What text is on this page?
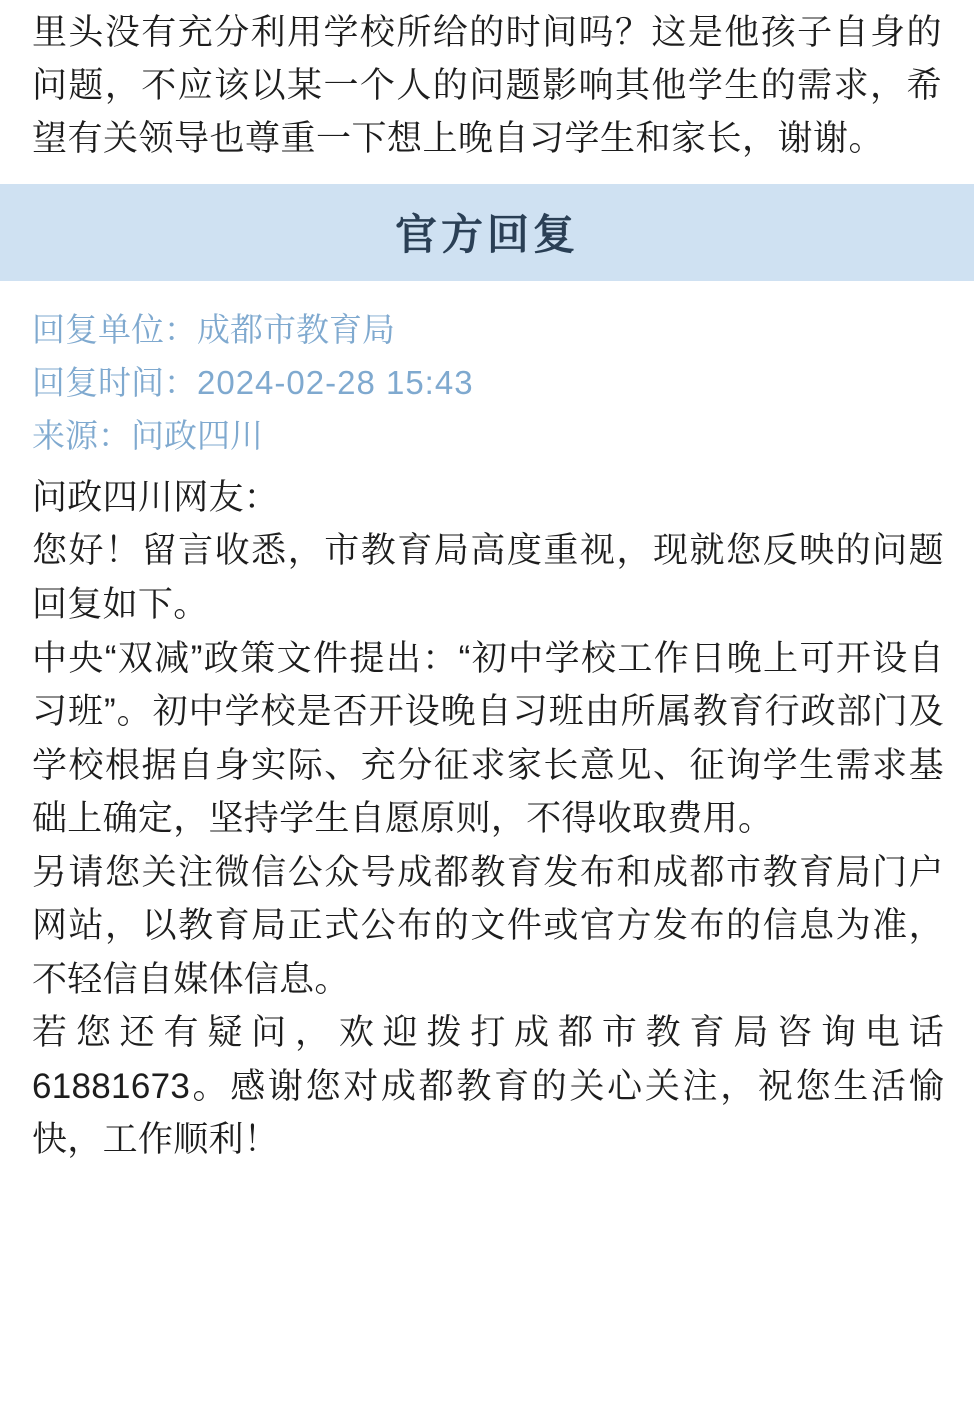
里头没有充分利用学校所给的时间吗？这是他孩子自身的问题，不应该以某一个人的问题影响其他学生的需求，希望有关领导也尊重一下想上晚自习学生和家长，谢谢。

官方回复
回复单位：成都市教育局
回复时间：2024-02-28 15:43
来源：问政四川

问政四川网友：

您好！留言收悉，市教育局高度重视，现就您反映的问题回复如下。

中央“双减”政策文件提出：“初中学校工作日晚上可开设自习班”。初中学校是否开设晚自习班由所属教育行政部门及学校根据自身实际、充分征求家长意见、征询学生需求基础上确定，坚持学生自愿原则，不得收取费用。

另请您关注微信公众号成都教育发布和成都市教育局门户网站，以教育局正式公布的文件或官方发布的信息为准，不轻信自媒体信息。

若您还有疑问，欢迎拨打成都市教育局咨询电话61881673。感谢您对成都教育的关心关注，祝您生活愉快，工作顺利！
